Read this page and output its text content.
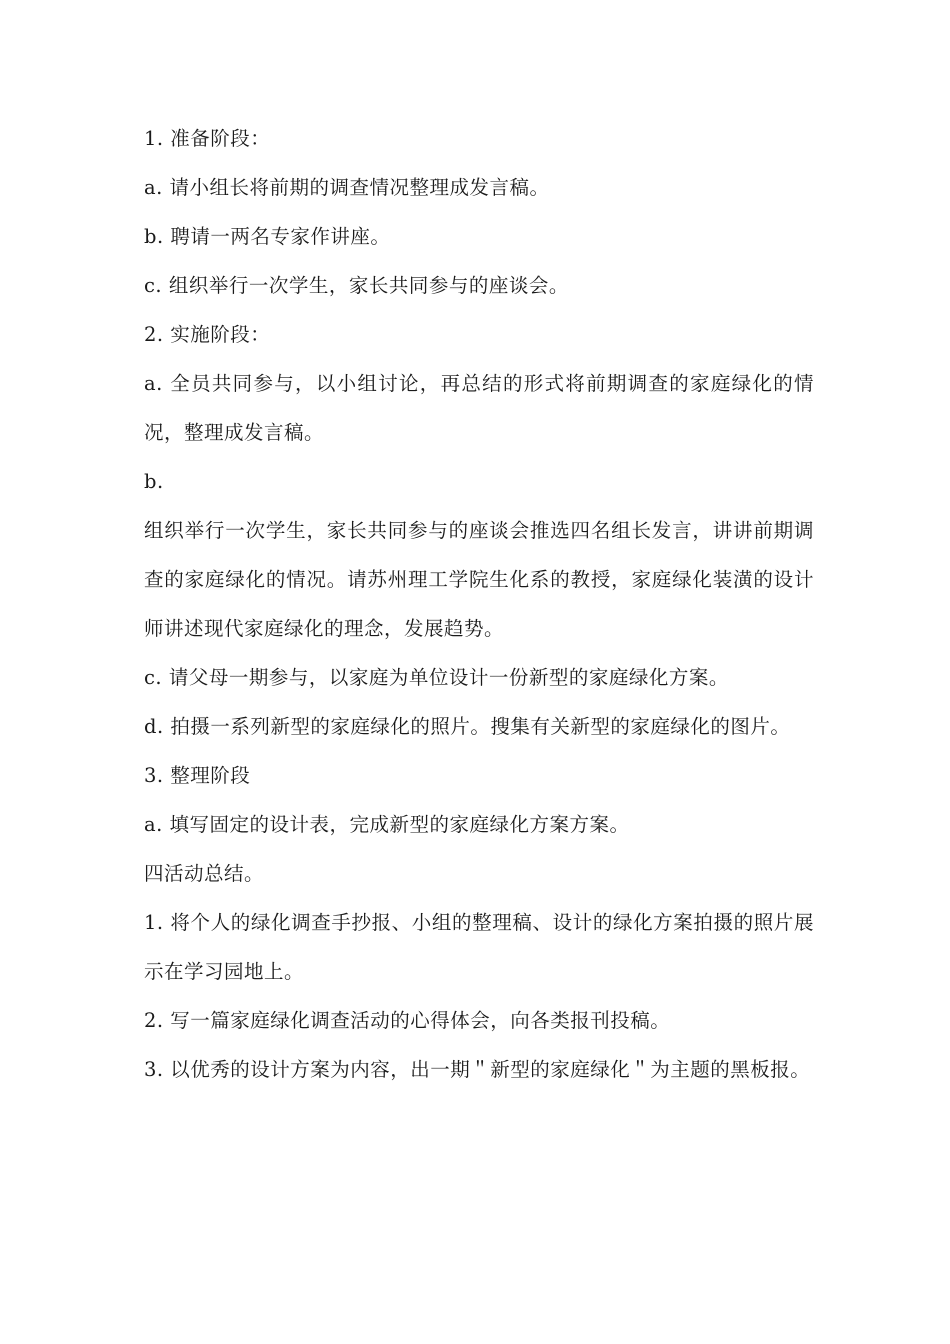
1. 准备阶段：

a. 请小组长将前期的调查情况整理成发言稿。

b. 聘请一两名专家作讲座。

c. 组织举行一次学生，家长共同参与的座谈会。

2. 实施阶段：

a. 全员共同参与，以小组讨论，再总结的形式将前期调查的家庭绿化的情况，整理成发言稿。

b.

组织举行一次学生，家长共同参与的座谈会推选四名组长发言，讲讲前期调查的家庭绿化的情况。请苏州理工学院生化系的教授，家庭绿化装潢的设计师讲述现代家庭绿化的理念，发展趋势。

c. 请父母一期参与，以家庭为单位设计一份新型的家庭绿化方案。

d. 拍摄一系列新型的家庭绿化的照片。搜集有关新型的家庭绿化的图片。

3. 整理阶段

a. 填写固定的设计表，完成新型的家庭绿化方案方案。

四活动总结。

1. 将个人的绿化调查手抄报、小组的整理稿、设计的绿化方案拍摄的照片展示在学习园地上。

2. 写一篇家庭绿化调查活动的心得体会，向各类报刊投稿。

3. 以优秀的设计方案为内容，出一期＂新型的家庭绿化＂为主题的黑板报。
